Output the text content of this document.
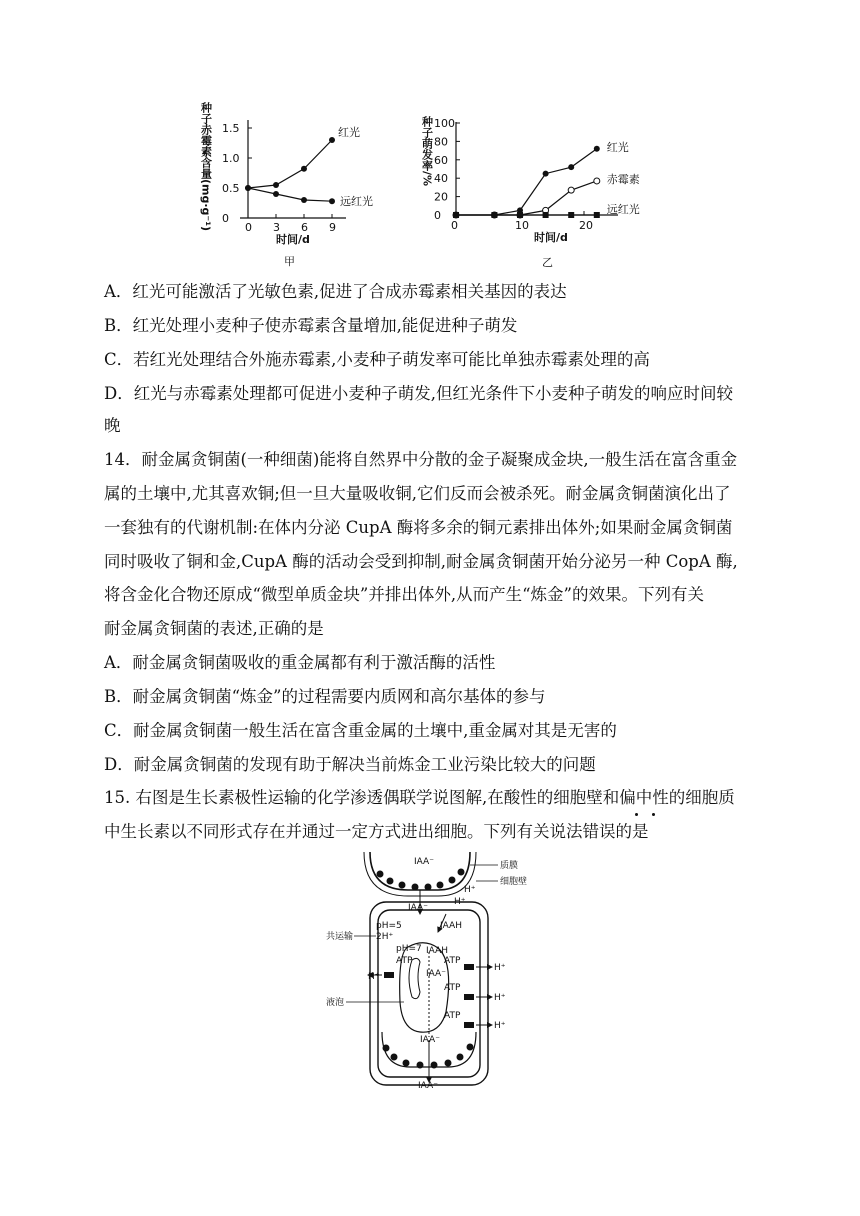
种子赤霉素含量(mg·g⁻¹) 1.5
1.0
0.5
0
0 3 6 9
红光
远红光
时间/d
甲
种子萌发率/% 100
80
60
40
20
0
0	10	20
红光
赤霉素
远红光
时间/d
乙
A．红光可能激活了光敏色素,促进了合成赤霉素相关基因的表达
B．红光处理小麦种子使赤霉素含量增加,能促进种子萌发
C．若红光处理结合外施赤霉素,小麦种子萌发率可能比单独赤霉素处理的高
D．红光与赤霉素处理都可促进小麦种子萌发,但红光条件下小麦种子萌发的响应时间较
晚
14．耐金属贪铜菌(一种细菌)能将自然界中分散的金子凝聚成金块,一般生活在富含重金
属的土壤中,尤其喜欢铜;但一旦大量吸收铜,它们反而会被杀死。耐金属贪铜菌演化出了
一套独有的代谢机制:在体内分泌 CupA 酶将多余的铜元素排出体外;如果耐金属贪铜菌
同时吸收了铜和金,CupA 酶的活动会受到抑制,耐金属贪铜菌开始分泌另一种 CopA 酶,
将含金化合物还原成“微型单质金块”并排出体外,从而产生“炼金”的效果。下列有关
耐金属贪铜菌的表述,正确的是
A．耐金属贪铜菌吸收的重金属都有利于激活酶的活性
B．耐金属贪铜菌“炼金”的过程需要内质网和高尔基体的参与
C．耐金属贪铜菌一般生活在富含重金属的土壤中,重金属对其是无害的
D．耐金属贪铜菌的发现有助于解决当前炼金工业污染比较大的问题
15. 右图是生长素极性运输的化学渗透偶联学说图解,在酸性的细胞壁和偏中性的细胞质
中生长素以不同形式存在并通过一定方式进出细胞。下列有关说法错误的是
IAA⁻	质膜
细胞壁
H⁺
H⁺
IAA⁻
pH=5
2H⁺
IAAH
共运输
pH=7 IAAH
ATP
H⁺
ATP
IAA⁻
H⁺
ATP
H⁺
ATP
H⁺
液泡
IAA⁻
IAA⁻
